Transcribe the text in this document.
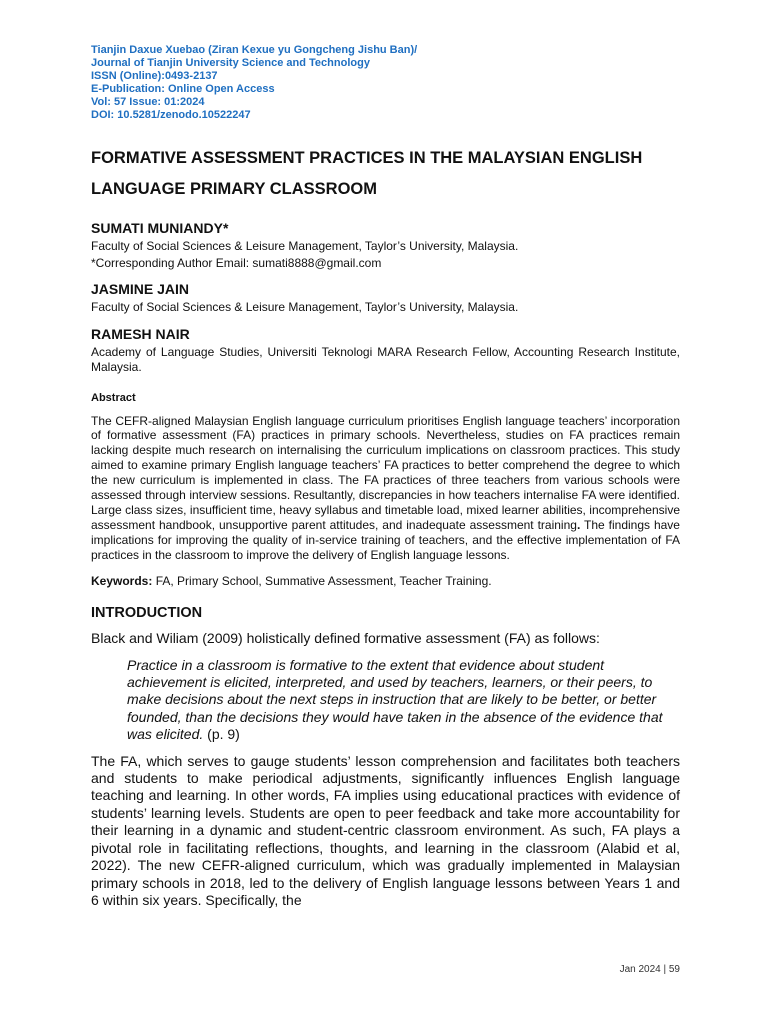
Tianjin Daxue Xuebao (Ziran Kexue yu Gongcheng Jishu Ban)/
Journal of Tianjin University Science and Technology
ISSN (Online):0493-2137
E-Publication: Online Open Access
Vol: 57 Issue: 01:2024
DOI: 10.5281/zenodo.10522247
FORMATIVE ASSESSMENT PRACTICES IN THE MALAYSIAN ENGLISH LANGUAGE PRIMARY CLASSROOM
SUMATI MUNIANDY*
Faculty of Social Sciences & Leisure Management, Taylor’s University, Malaysia.
*Corresponding Author Email: sumati8888@gmail.com
JASMINE JAIN
Faculty of Social Sciences & Leisure Management, Taylor’s University, Malaysia.
RAMESH NAIR
Academy of Language Studies, Universiti Teknologi MARA Research Fellow, Accounting Research Institute, Malaysia.
Abstract
The CEFR-aligned Malaysian English language curriculum prioritises English language teachers’ incorporation of formative assessment (FA) practices in primary schools. Nevertheless, studies on FA practices remain lacking despite much research on internalising the curriculum implications on classroom practices. This study aimed to examine primary English language teachers’ FA practices to better comprehend the degree to which the new curriculum is implemented in class. The FA practices of three teachers from various schools were assessed through interview sessions. Resultantly, discrepancies in how teachers internalise FA were identified. Large class sizes, insufficient time, heavy syllabus and timetable load, mixed learner abilities, incomprehensive assessment handbook, unsupportive parent attitudes, and inadequate assessment training. The findings have implications for improving the quality of in-service training of teachers, and the effective implementation of FA practices in the classroom to improve the delivery of English language lessons.
Keywords: FA, Primary School, Summative Assessment, Teacher Training.
INTRODUCTION
Black and Wiliam (2009) holistically defined formative assessment (FA) as follows:
Practice in a classroom is formative to the extent that evidence about student achievement is elicited, interpreted, and used by teachers, learners, or their peers, to make decisions about the next steps in instruction that are likely to be better, or better founded, than the decisions they would have taken in the absence of the evidence that was elicited. (p. 9)
The FA, which serves to gauge students’ lesson comprehension and facilitates both teachers and students to make periodical adjustments, significantly influences English language teaching and learning. In other words, FA implies using educational practices with evidence of students’ learning levels. Students are open to peer feedback and take more accountability for their learning in a dynamic and student-centric classroom environment. As such, FA plays a pivotal role in facilitating reflections, thoughts, and learning in the classroom (Alabid et al, 2022). The new CEFR-aligned curriculum, which was gradually implemented in Malaysian primary schools in 2018, led to the delivery of English language lessons between Years 1 and 6 within six years. Specifically, the
Jan 2024 | 59
